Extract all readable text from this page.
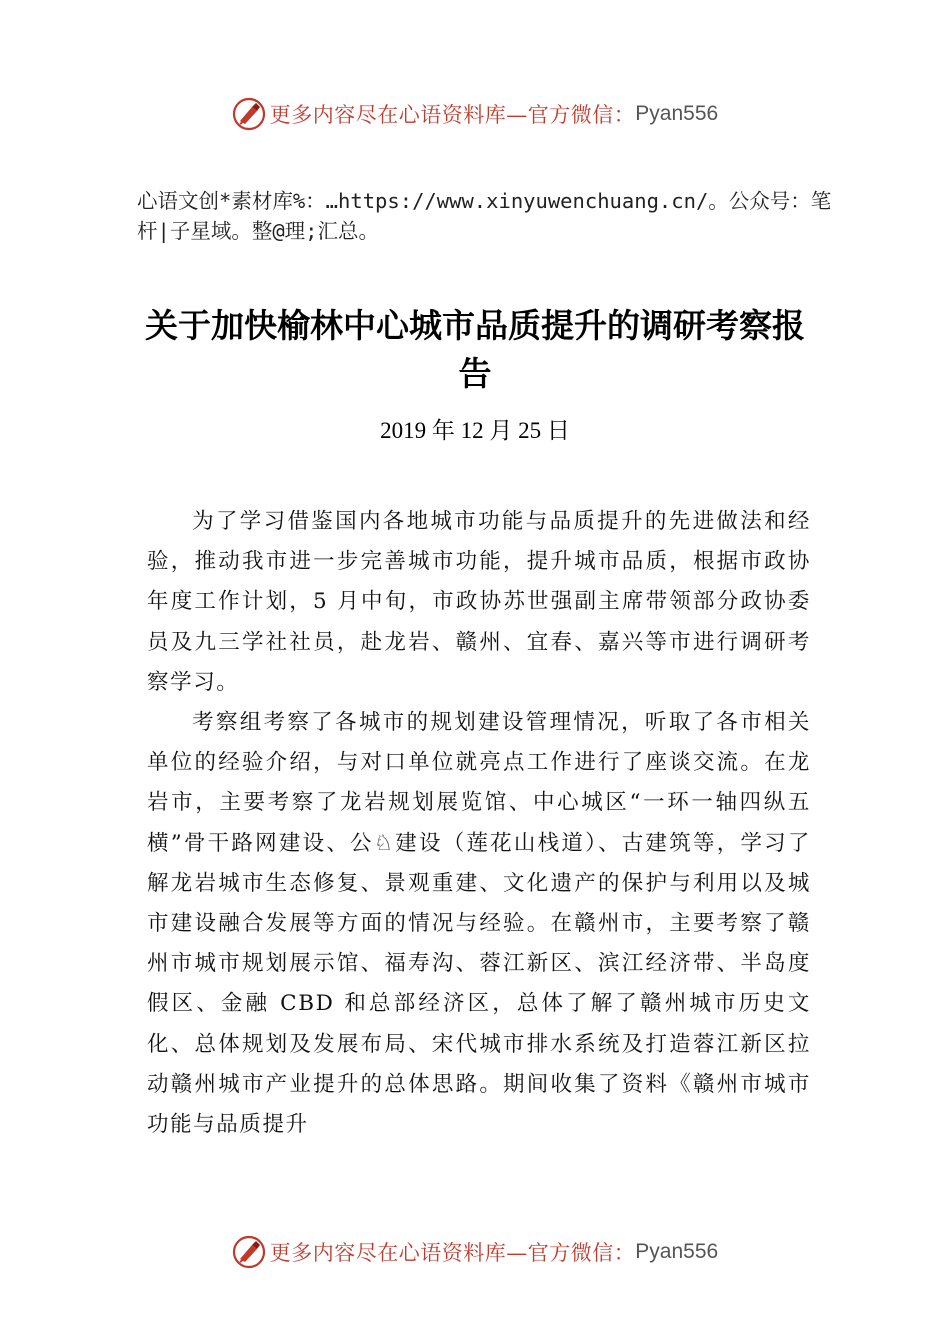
更多内容尽在心语资料库—官方微信： Pyan556
心语文创*素材库%：…https://www.xinyuwenchuang.cn/。公众号：笔杆|子星域。整@理;汇总。
关于加快榆林中心城市品质提升的调研考察报告
2019 年 12 月 25 日

为了学习借鉴国内各地城市功能与品质提升的先进做法和经验，推动我市进一步完善城市功能，提升城市品质，根据市政协年度工作计划，5 月中旬，市政协苏世强副主席带领部分政协委员及九三学社社员，赴龙岩、赣州、宜春、嘉兴等市进行调研考察学习。

考察组考察了各城市的规划建设管理情况，听取了各市相关单位的经验介绍，与对口单位就亮点工作进行了座谈交流。在龙岩市，主要考察了龙岩规划展览馆、中心城区“一环一轴四纵五横”骨干路网建设、公♘建设（莲花山栈道）、古建筑等，学习了解龙岩城市生态修复、景观重建、文化遗产的保护与利用以及城市建设融合发展等方面的情况与经验。在赣州市，主要考察了赣州市城市规划展示馆、福寿沟、蓉江新区、滨江经济带、半岛度假区、金融 CBD 和总部经济区，总体了解了赣州城市历史文化、总体规划及发展布局、宋代城市排水系统及打造蓉江新区拉动赣州城市产业提升的总体思路。期间收集了资料《赣州市城市功能与品质提升

更多内容尽在心语资料库—官方微信： Pyan556
